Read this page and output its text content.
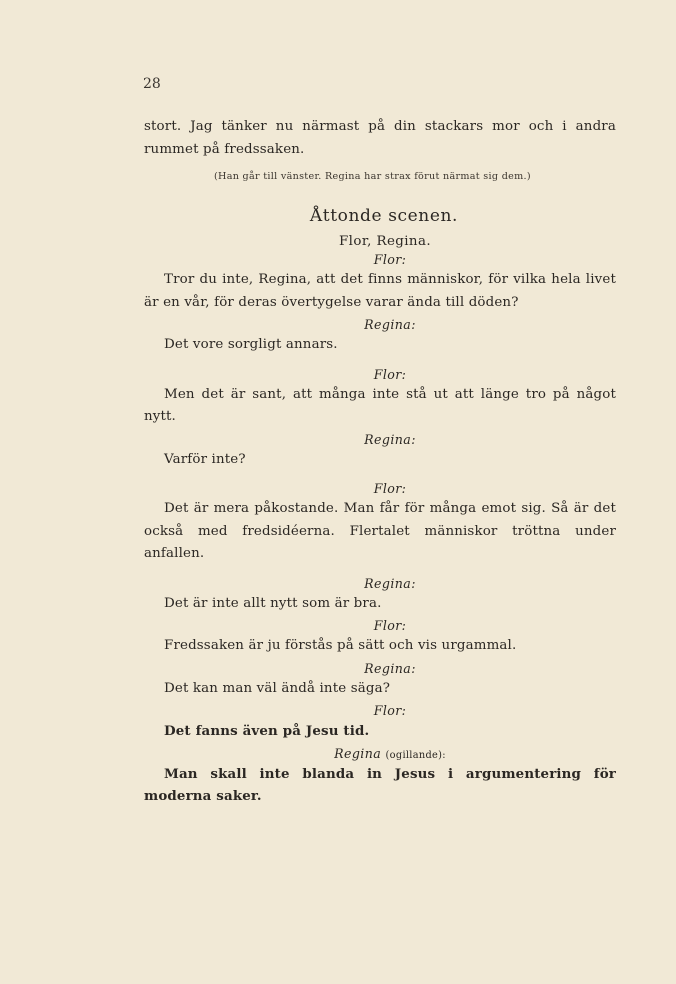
28

stort. Jag tänker nu närmast på din stackars mor och i andra rummet på fredssaken.

(Han går till vänster. Regina har strax förut närmat sig dem.)

Åttonde scenen.
Flor, Regina.
Flor:

Tror du inte, Regina, att det finns människor, för vilka hela livet är en vår, för deras övertygelse varar ända till döden?

Regina:

Det vore sorgligt annars.

Flor:

Men det är sant, att många inte stå ut att länge tro på något nytt.

Regina:

Varför inte?

Flor:

Det är mera påkostande. Man får för många emot sig. Så är det också med fredsidéerna. Flertalet människor tröttna under anfallen.

Regina:

Det är inte allt nytt som är bra.

Flor:

Fredssaken är ju förstås på sätt och vis urgammal.

Regina:

Det kan man väl ändå inte säga?

Flor:

Det fanns även på Jesu tid.

Regina (ogillande):

Man skall inte blanda in Jesus i argumentering för moderna saker.
